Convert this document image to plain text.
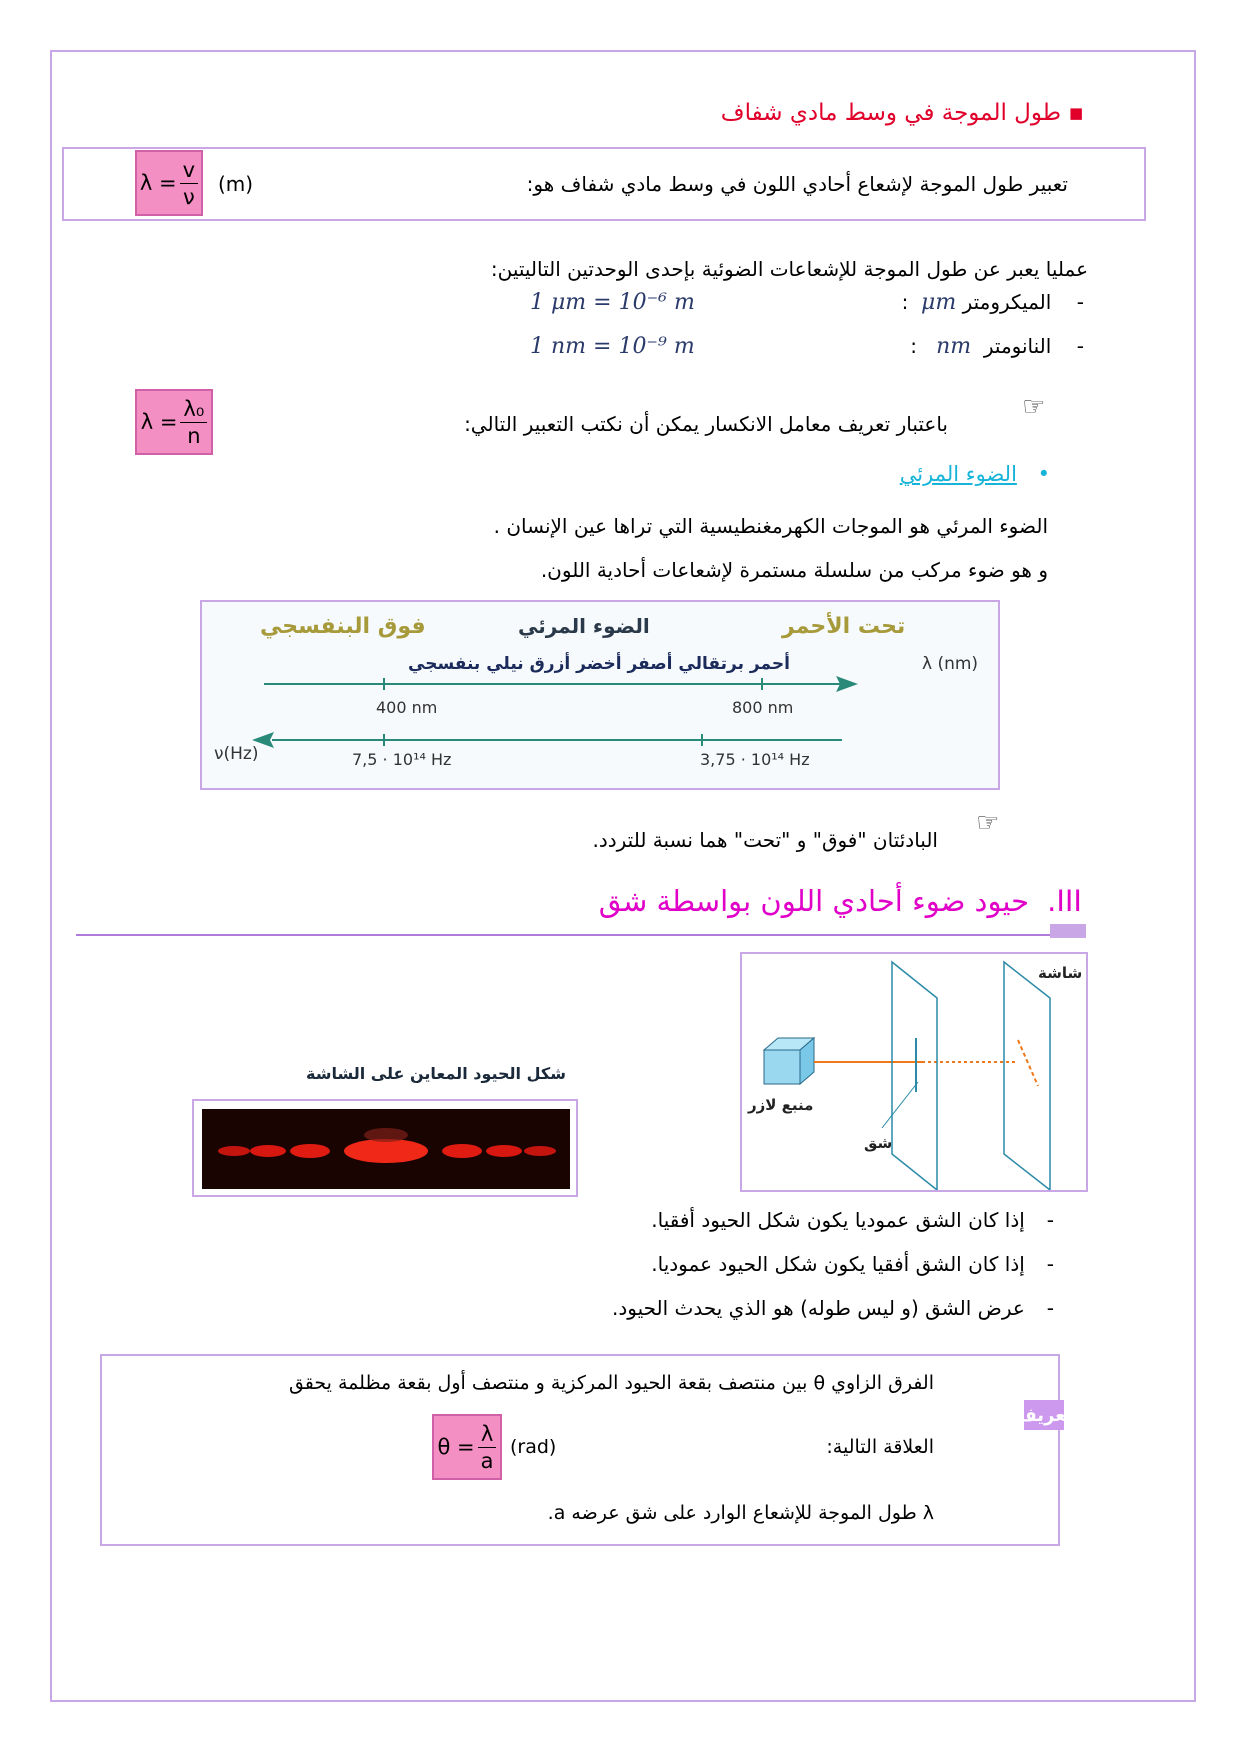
▪ طول الموجة في وسط مادي شفاف
تعبير طول الموجة لإشعاع أحادي اللون في وسط مادي شفاف هو:
(m)
$\lambda = \frac{v}{\nu}$
عمليا يعبر عن طول الموجة للإشعاعات الضوئية بإحدى الوحدتين التاليتين:
-    الميكرومتر μm  :
1 μm = 10⁻⁶ m
-    النانومتر  nm   :
1 nm = 10⁻⁹ m
☞
باعتبار تعريف معامل الانكسار يمكن أن نكتب التعبير التالي:
$\lambda = \frac{\text{λ₀}}{n}$
• الضوء المرئي
الضوء المرئي هو الموجات الكهرمغنطيسية التي تراها عين الإنسان .
و هو ضوء مركب من سلسلة مستمرة لإشعاعات أحادية اللون.
فوق البنفسجي	الضوء المرئي	تحت الأحمر
أحمر برتقالي أصفر أخضر أزرق نيلي بنفسجي	λ (nm)
400 nm	800 nm
ν(Hz)	7,5 · 10¹⁴ Hz	3,75 · 10¹⁴ Hz
☞
البادئتان "فوق" و "تحت" هما نسبة للتردد.
III.حيود ضوء أحادي اللون بواسطة شق
شكل الحيود المعاين على الشاشة
شاشة
منبع لازر
شق
-إذا كان الشق عموديا يكون شكل الحيود أفقيا.
-إذا كان الشق أفقيا يكون شكل الحيود عموديا.
-عرض الشق (و ليس طوله) هو الذي يحدث الحيود.
تعريف
الفرق الزاوي θ بين منتصف بقعة الحيود المركزية و منتصف أول بقعة مظلمة يحقق
العلاقة التالية:
(rad)
$\theta = \frac{\lambda}{a}$
λ طول الموجة للإشعاع الوارد على شق عرضه a.
